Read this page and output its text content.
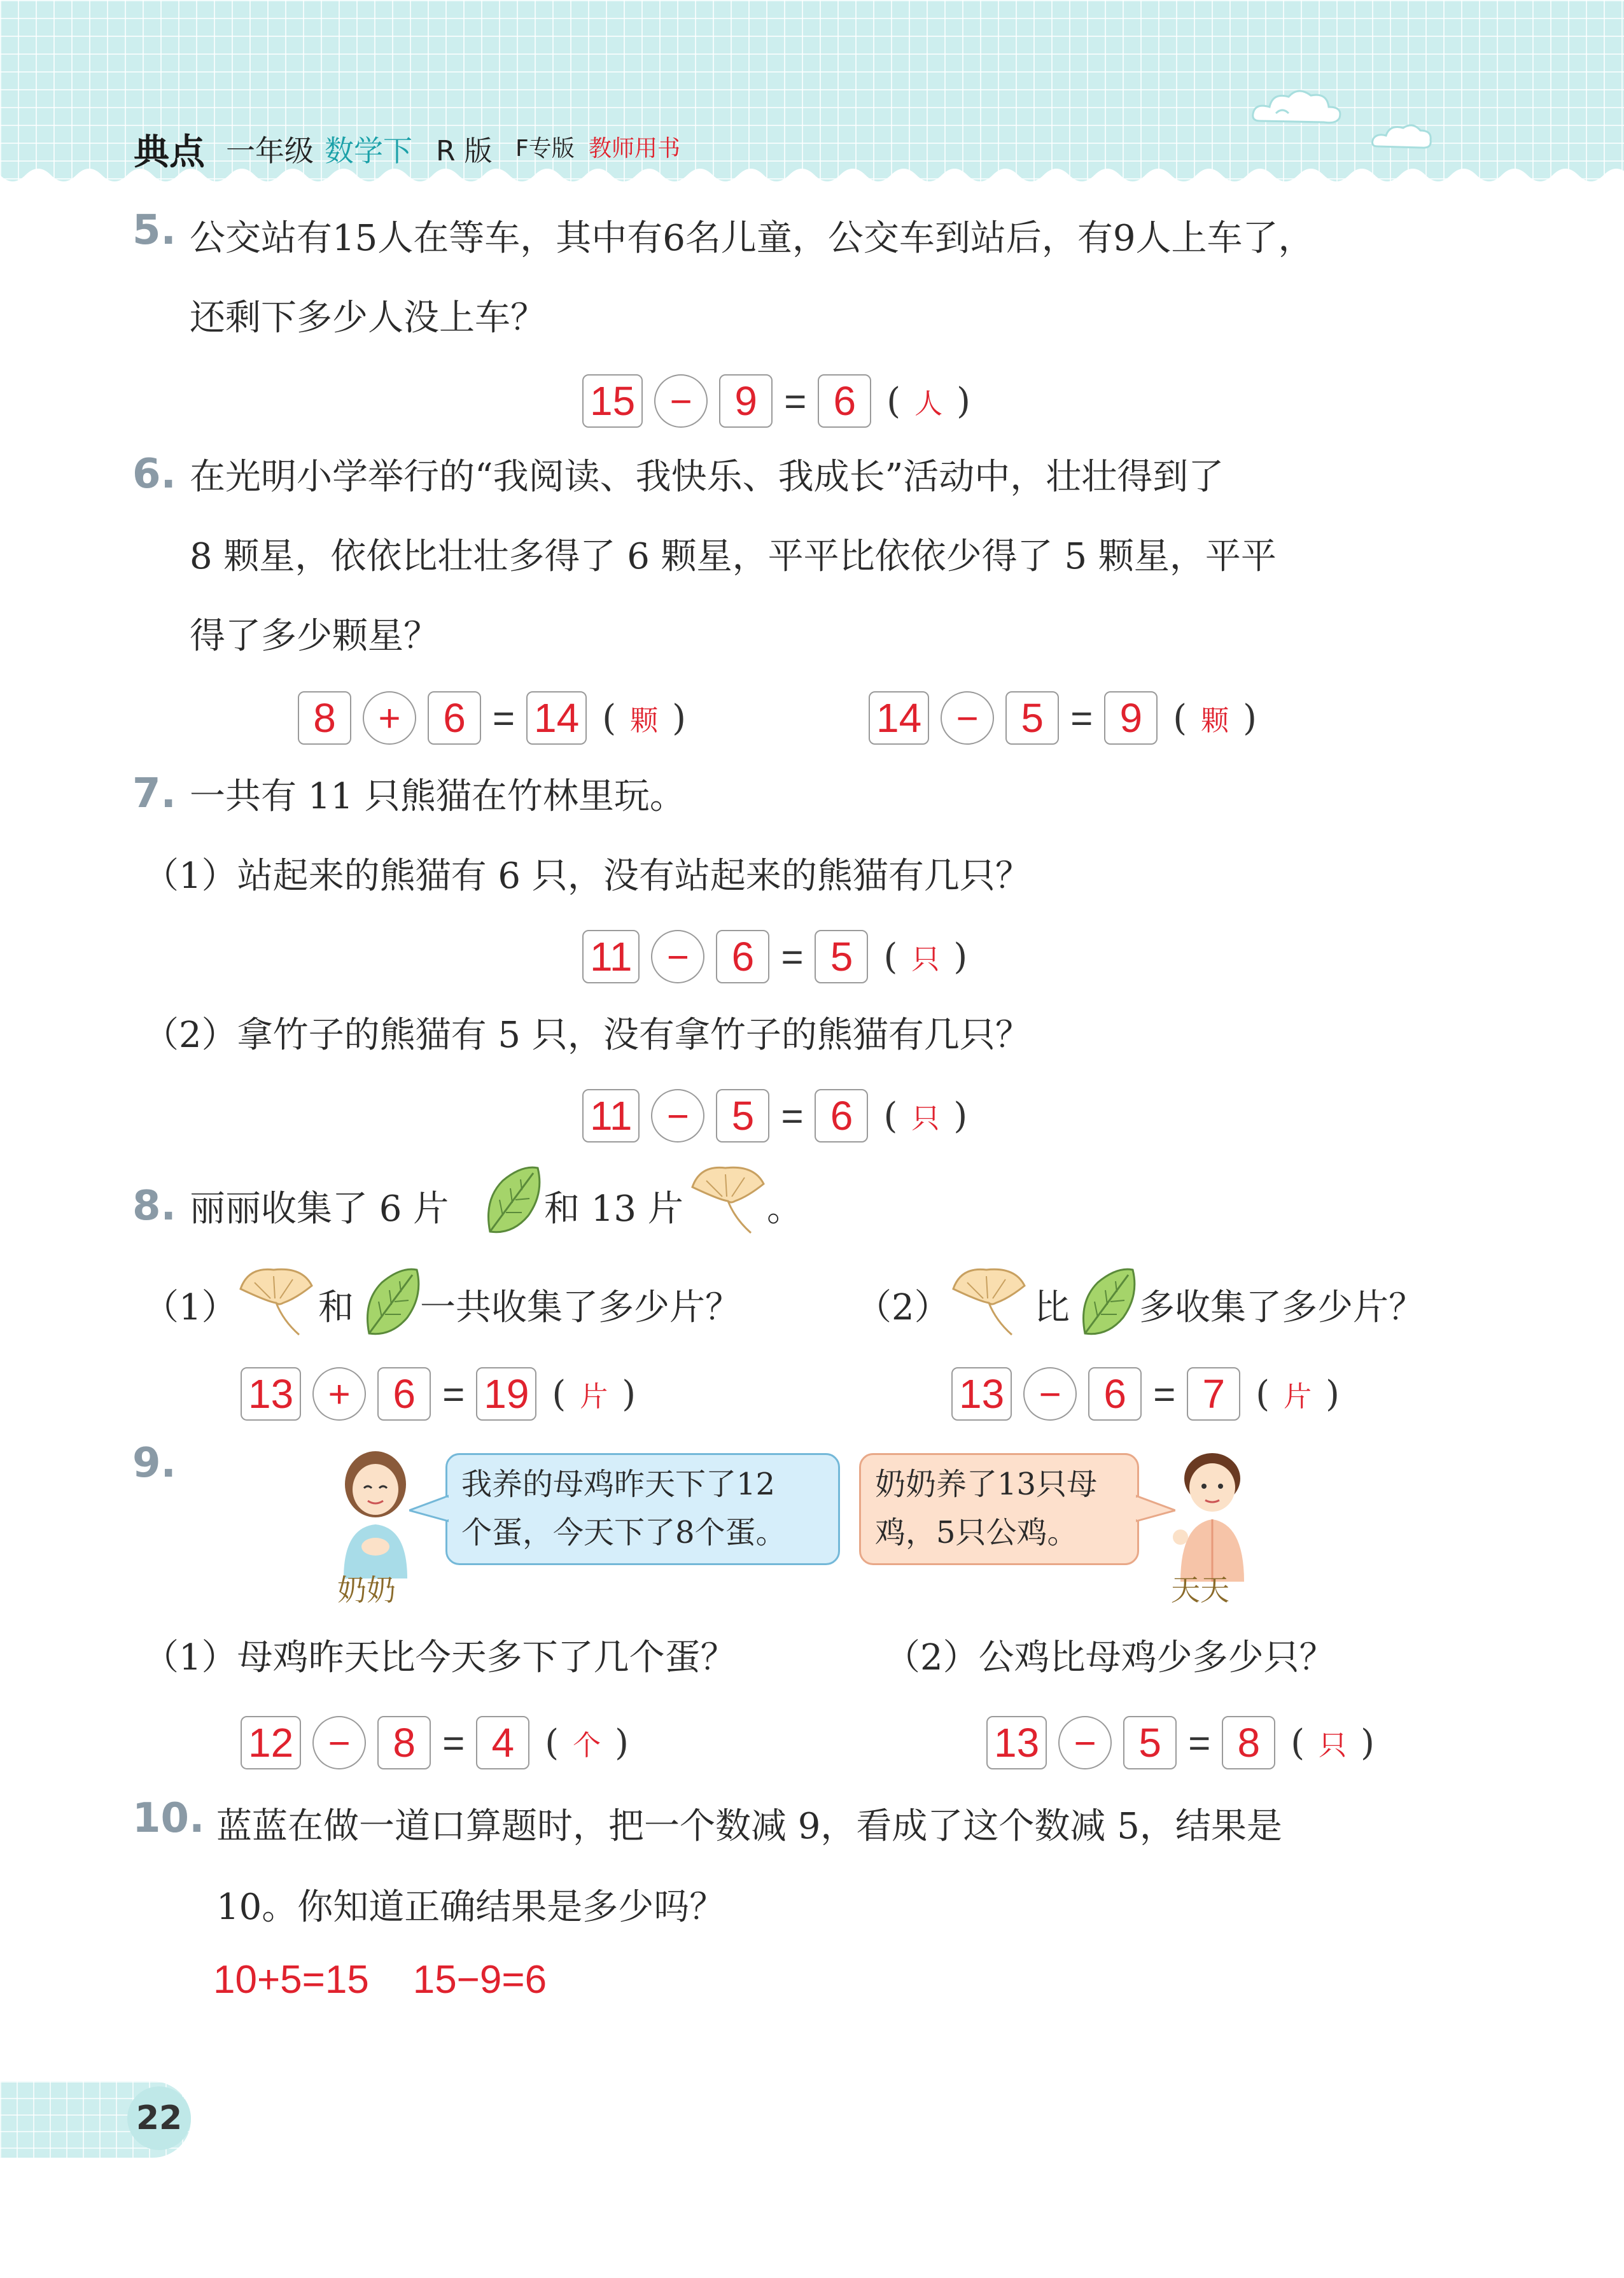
典点 一年级 数学下 R 版 F专版 教师用书
5. 公交站有15人在等车，其中有6名儿童，公交车到站后，有9人上车了，
还剩下多少人没上车？
15 −	9 = 6 ( 人 )
6. 在光明小学举行的“我阅读、我快乐、我成长”活动中，壮壮得到了
8 颗星，依依比壮壮多得了 6 颗星，平平比依依少得了 5 颗星，平平
得了多少颗星？
8	+	6 = 14 ( 颗 )	14 −	5 = 9 ( 颗 )
7. 一共有 11 只熊猫在竹林里玩。
（1）站起来的熊猫有 6 只，没有站起来的熊猫有几只？
11 −	6 = 5 ( 只 )
（2）拿竹子的熊猫有 5 只，没有拿竹子的熊猫有几只？
11 −	5 = 6 ( 只 )
8. 丽丽收集了 6 片	和 13 片 。
（1） 和 一共收集了多少片？	（2） 比 多收集了多少片？
13 +	6 = 19 ( 片 )	13 −	6 = 7 ( 片 )
9.
奶奶
我养的母鸡昨天下了12
个蛋，今天下了8个蛋。
奶奶养了13只母
鸡，5只公鸡。
天天
（1）母鸡昨天比今天多下了几个蛋？	（2）公鸡比母鸡少多少只？
12 −	8 = 4 ( 个 )	13 −	5 = 8 ( 只 )
10. 蓝蓝在做一道口算题时，把一个数减 9，看成了这个数减 5，结果是
10。你知道正确结果是多少吗？
10+5=15    15−9=6
22
